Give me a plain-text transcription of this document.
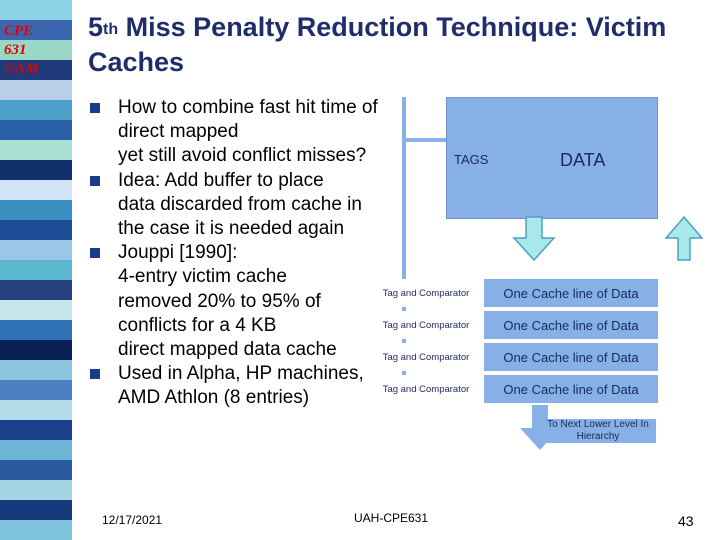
CPE
631
©AM
5th Miss Penalty Reduction Technique: Victim Caches
How to combine fast hit time of
direct mapped
yet still avoid conflict misses?
Idea: Add buffer to place
data discarded from cache in
the case it is needed again
Jouppi [1990]:
4-entry victim cache
removed 20% to 95% of
conflicts for a 4 KB
direct mapped data cache
Used in Alpha, HP machines,
AMD Athlon (8 entries)
TAGS	DATA
Tag and Comparator	One Cache line of Data
Tag and Comparator	One Cache line of Data
Tag and Comparator	One Cache line of Data
Tag and Comparator	One Cache line of Data
To Next Lower Level In Hierarchy
12/17/2021	UAH-CPE631	43
